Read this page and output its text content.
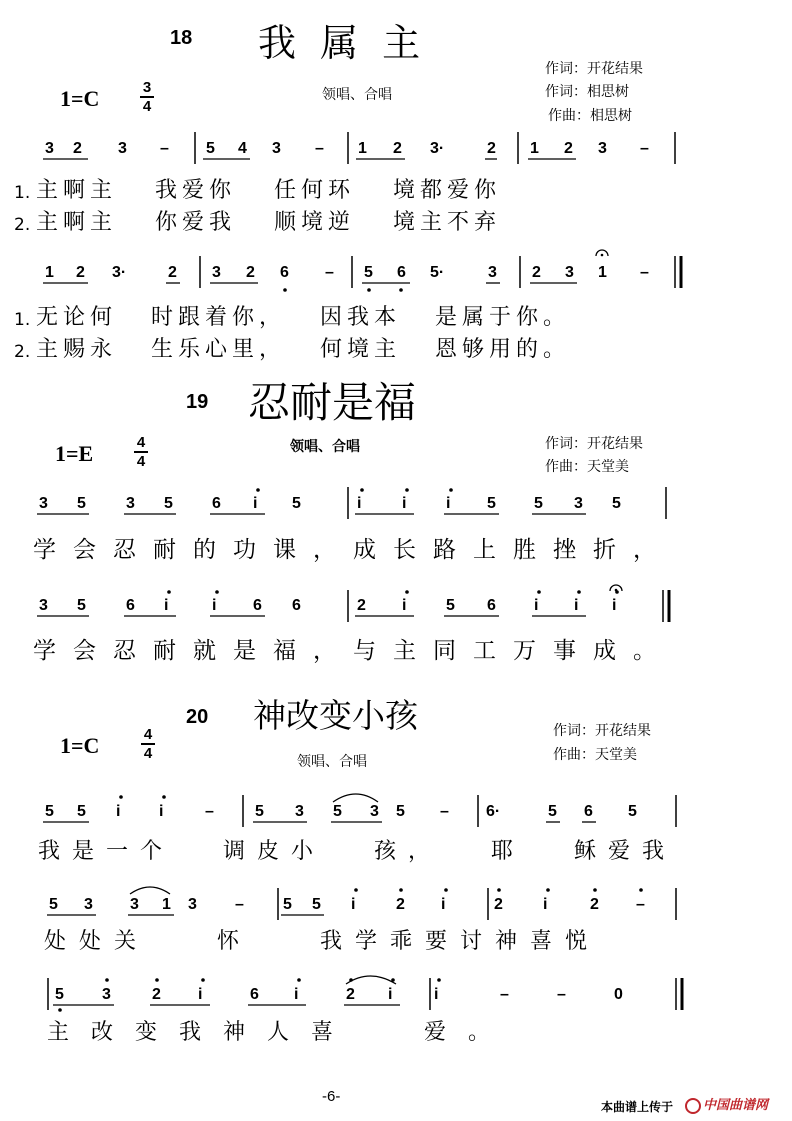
18 我 属 主
作词：开花结果
作词：相思树
作曲：相思树
1=C	3
4
领唱、合唱
3 2 3 – 5 4 3 – 1 2 3·	2 1 2 3 –
1. 主啊主 我爱你 任何环 境都爱你
2. 主啊主 你爱我 顺境逆 境主不弃
1 2 3·	2 3 2 6 – 5 6 5·	3 2 3 1 –
1. 无论何 时跟着你， 因我本 是属于你。
2. 主赐永 生乐心里， 何境主 恩够用的。
19 忍耐是福
作词：开花结果
作曲：天堂美
1=E	4
4
领唱、合唱
3 5	3 5 6 i 5	i	i i 5 5 3 5
学会忍耐的功课，成长路上胜挫折，
3 5	6 i	i 6 6	2 i 5 6 i i i
学会忍耐就是福，与主同工万事成。
20 神改变小孩	作词：开花结果
作曲：天堂美
1=C	4
4	领唱、合唱
5 5 i i	–	5 3 5 3 5 – 6·	5 6 5
我是一个 调皮小 孩， 耶 稣爱我
5 3 3 1 3 – 5 5 i	2 i	2	i	2 –
处处关 怀 我学乖要讨神喜悦
5 3	2 i	6 i	2 i	i	–	–	0
主改变我神人喜 爱。
-6-
本曲谱上传于	中国曲谱网
